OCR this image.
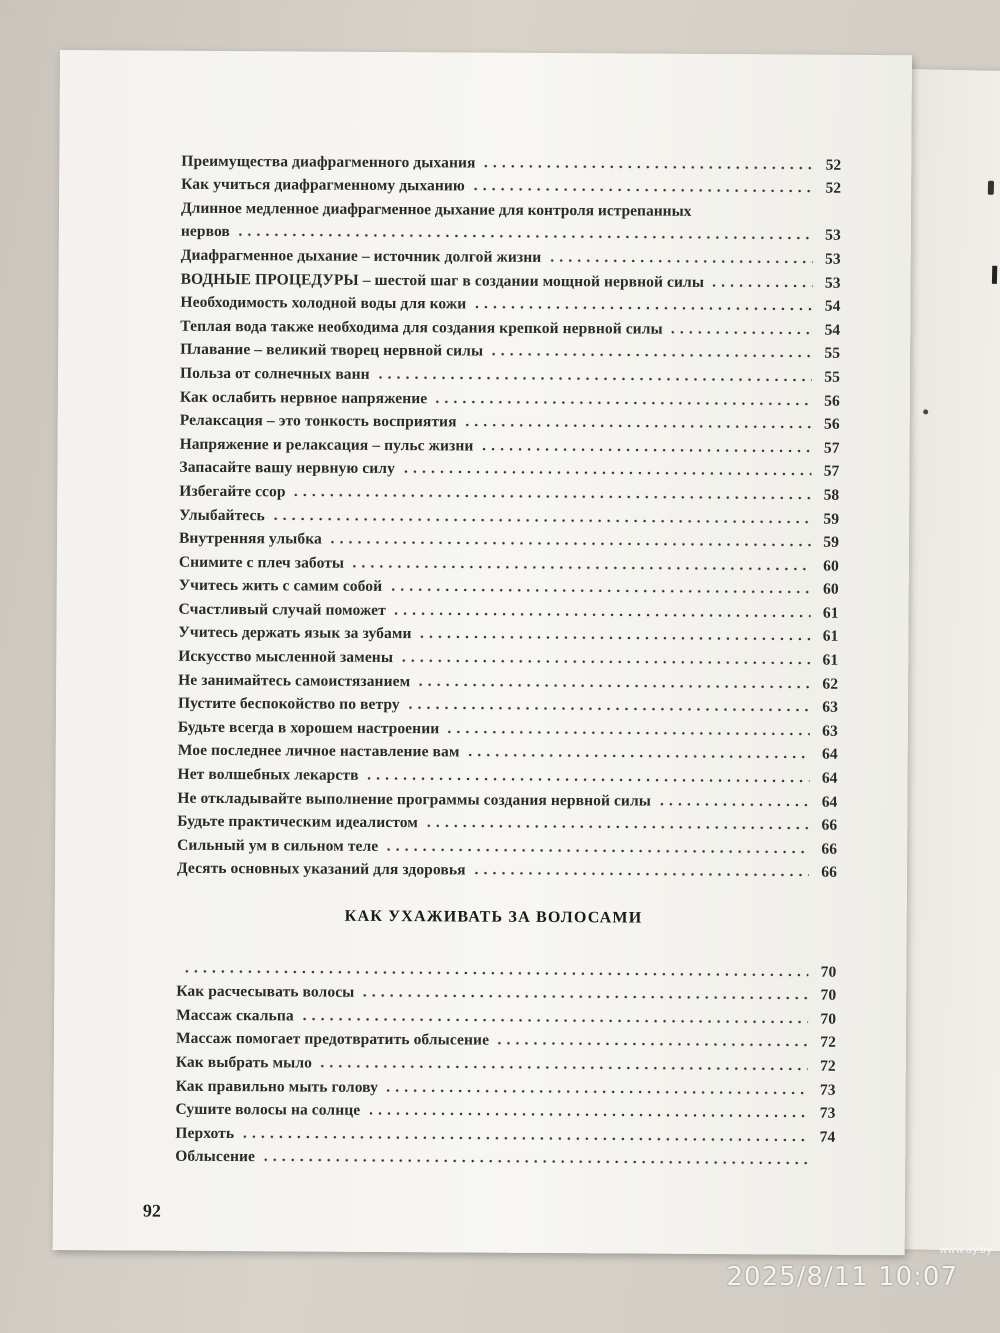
Преимущества диафрагменного дыхания	52
Как учиться диафрагменному дыханию	52
Длинное медленное диафрагменное дыхание для контроля истрепанных
нервов	53
Диафрагменное дыхание – источник долгой жизни	53
ВОДНЫЕ ПРОЦЕДУРЫ – шестой шаг в создании мощной нервной силы	53
Необходимость холодной воды для кожи	54
Теплая вода также необходима для создания крепкой нервной силы	54
Плавание – великий творец нервной силы	55
Польза от солнечных ванн	55
Как ослабить нервное напряжение	56
Релаксация – это тонкость восприятия	56
Напряжение и релаксация – пульс жизни	57
Запасайте вашу нервную силу	57
Избегайте ссор	58
Улыбайтесь	59
Внутренняя улыбка	59
Снимите с плеч заботы	60
Учитесь жить с самим собой	60
Счастливый случай поможет	61
Учитесь держать язык за зубами	61
Искусство мысленной замены	61
Не занимайтесь самоистязанием	62
Пустите беспокойство по ветру	63
Будьте всегда в хорошем настроении	63
Мое последнее личное наставление вам	64
Нет волшебных лекарств	64
Не откладывайте выполнение программы создания нервной силы	64
Будьте практическим идеалистом	66
Сильный ум в сильном теле	66
Десять основных указаний для здоровья	66
КАК УХАЖИВАТЬ ЗА ВОЛОСАМИ
70
Как расчесывать волосы	70
Массаж скальпа	70
Массаж помогает предотвратить облысение	72
Как выбрать мыло	72
Как правильно мыть голову	73
Сушите волосы на солнце	73
Перхоть	74
Облысение
92
www.ay.by
2025/8/11 10:07
